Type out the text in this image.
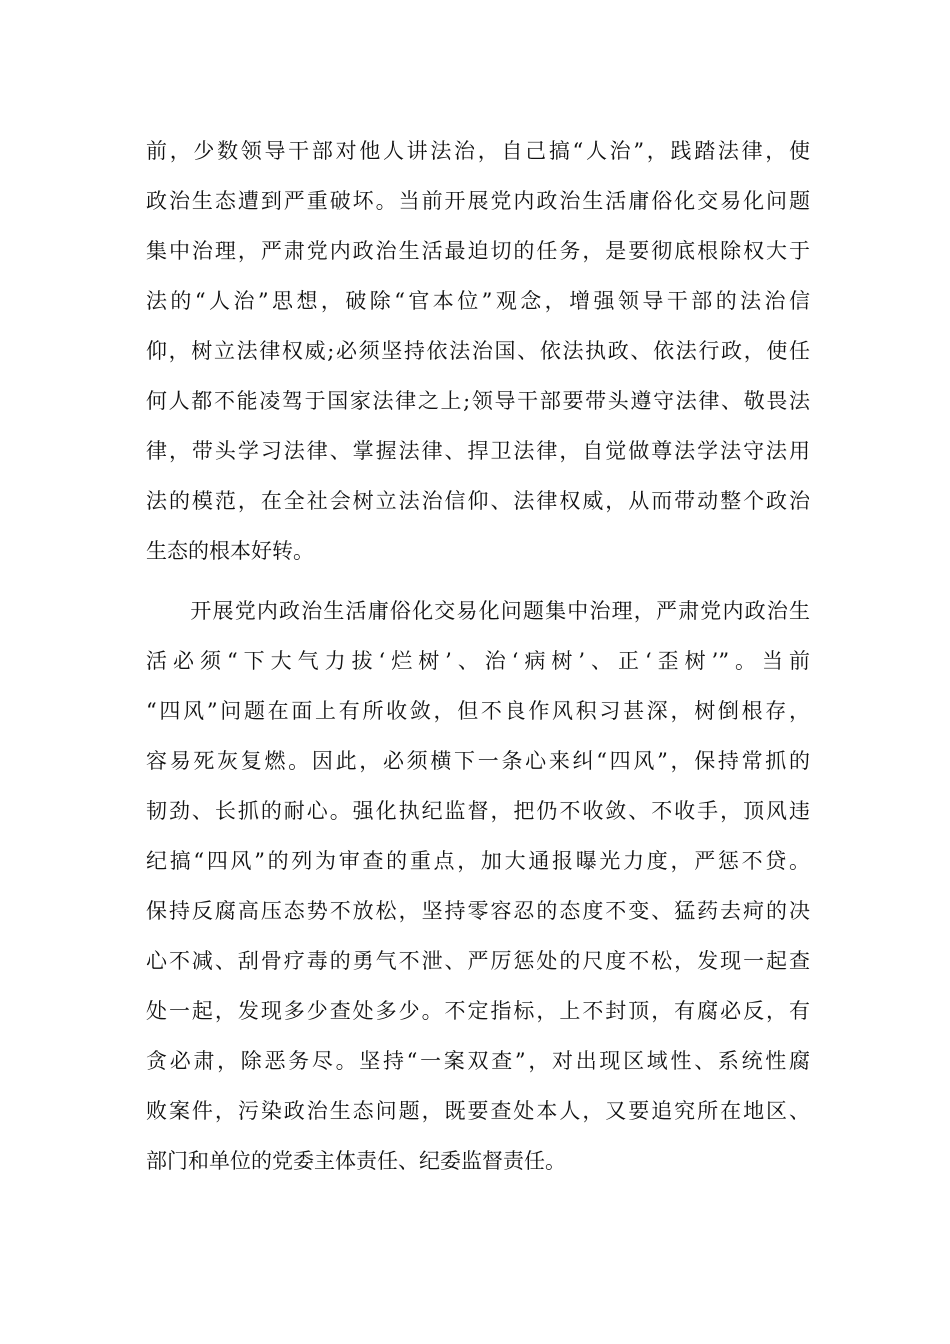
前，少数领导干部对他人讲法治，自己搞“人治”，践踏法律，使
政治生态遭到严重破坏。当前开展党内政治生活庸俗化交易化问题
集中治理，严肃党内政治生活最迫切的任务，是要彻底根除权大于
法的“人治”思想，破除“官本位”观念，增强领导干部的法治信
仰，树立法律权威;必须坚持依法治国、依法执政、依法行政，使任
何人都不能凌驾于国家法律之上;领导干部要带头遵守法律、敬畏法
律，带头学习法律、掌握法律、捍卫法律，自觉做尊法学法守法用
法的模范，在全社会树立法治信仰、法律权威，从而带动整个政治
生态的根本好转。
　　开展党内政治生活庸俗化交易化问题集中治理，严肃党内政治生
活必须“下大气力拔‘烂树’、治‘病树’、正‘歪树’”。当前
“四风”问题在面上有所收敛，但不良作风积习甚深，树倒根存，
容易死灰复燃。因此，必须横下一条心来纠“四风”，保持常抓的
韧劲、长抓的耐心。强化执纪监督，把仍不收敛、不收手，顶风违
纪搞“四风”的列为审查的重点，加大通报曝光力度，严惩不贷。
保持反腐高压态势不放松，坚持零容忍的态度不变、猛药去疴的决
心不减、刮骨疗毒的勇气不泄、严厉惩处的尺度不松，发现一起查
处一起，发现多少查处多少。不定指标，上不封顶，有腐必反，有
贪必肃，除恶务尽。坚持“一案双查”，对出现区域性、系统性腐
败案件，污染政治生态问题，既要查处本人，又要追究所在地区、
部门和单位的党委主体责任、纪委监督责任。
